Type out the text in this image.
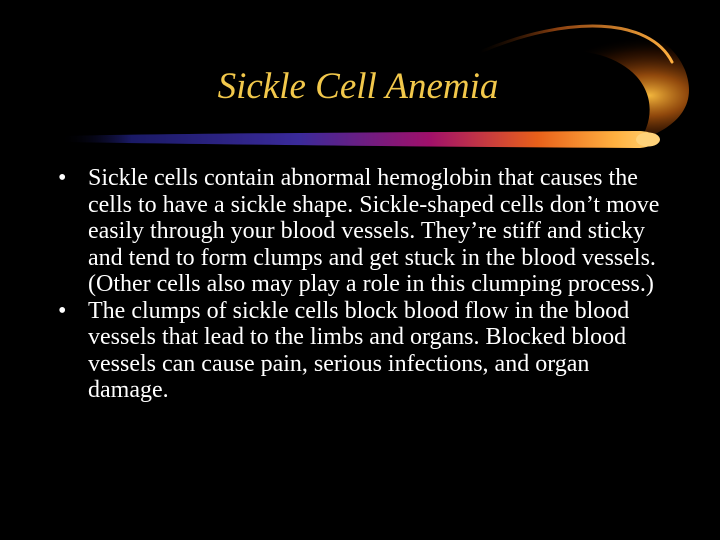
Sickle Cell Anemia
• Sickle cells contain abnormal hemoglobin that causes the cells to have a sickle shape. Sickle-shaped cells don’t move easily through your blood vessels. They’re stiff and sticky and tend to form clumps and get stuck in the blood vessels. (Other cells also may play a role in this clumping process.)
• The clumps of sickle cells block blood flow in the blood vessels that lead to the limbs and organs. Blocked blood vessels can cause pain, serious infections, and organ damage.
